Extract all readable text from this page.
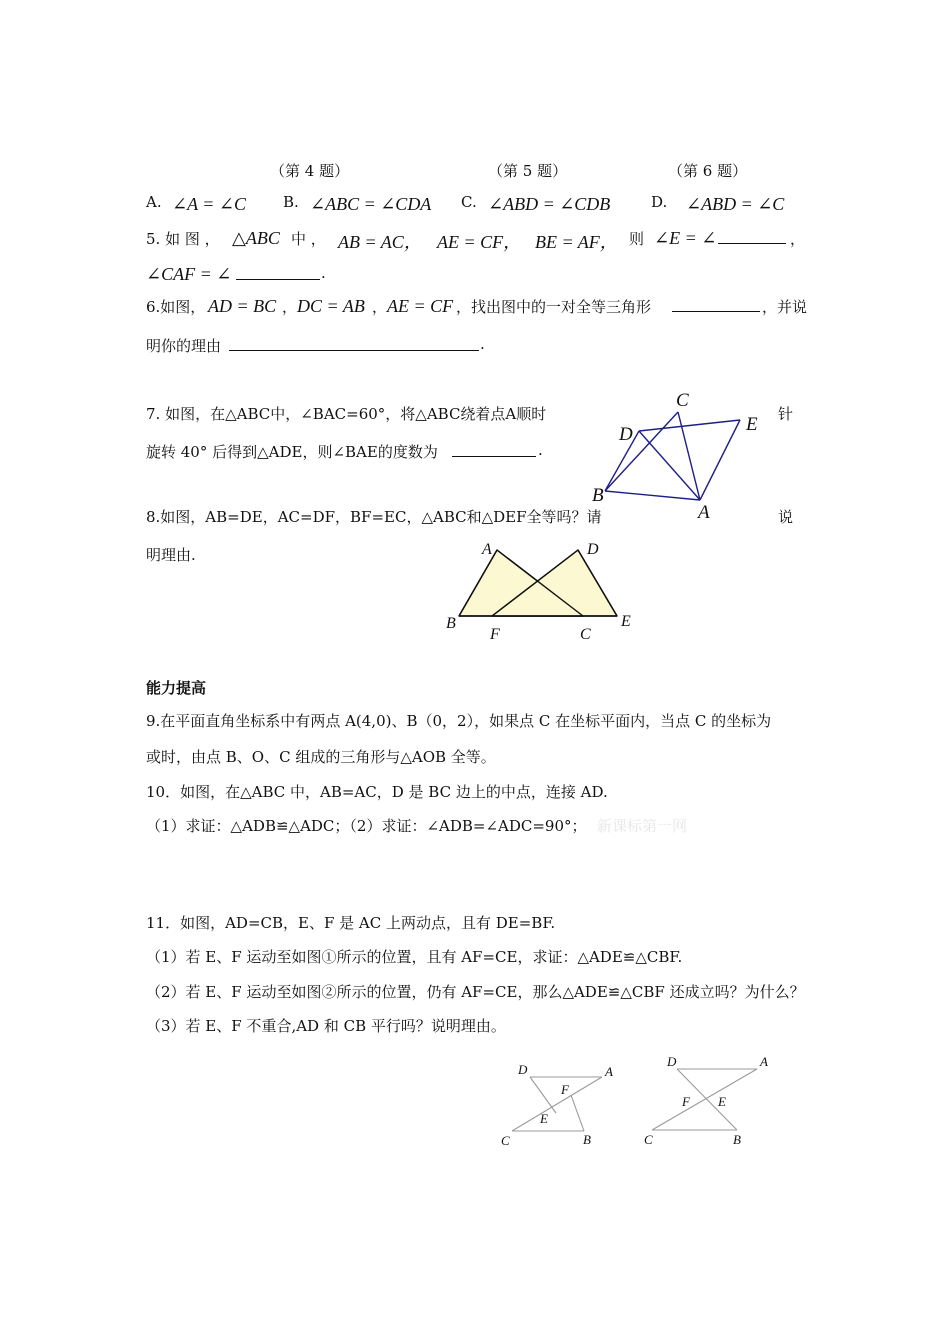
（第 4 题）	（第 5 题）	（第 6 题）
A. ∠A = ∠C B. ∠ABC = ∠CDA C. ∠ABD = ∠CDB	D. ∠ABD = ∠C
5. 如 图 ， △ABC 中 ， AB = AC， AE = CF， BE = AF， 则 ∠E = ∠	，
∠CAF = ∠	.
6.如图， AD = BC ， DC = AB ， AE = CF ，找出图中的一对全等三角形	，并说
明你的理由	.
7. 如图，在△ABC中，∠BAC=60°，将△ABC绕着点A顺时	针
旋转 40° 后得到△ADE，则∠BAE的度数为	.
C
D	E
B
A
8.如图，AB=DE，AC=DF，BF=EC，△ABC和△DEF全等吗？请	说
明理由.	A	D
B
F	C
E
能力提高
9.在平面直角坐标系中有两点 A(4,0)、B（0，2），如果点 C 在坐标平面内，当点 C 的坐标为
或时，由点 B、O、C 组成的三角形与△AOB 全等。
10．如图，在△ABC 中，AB=AC，D 是 BC 边上的中点，连接 AD.
（1）求证：△ADB≌△ADC；（2）求证：∠ADB=∠ADC=90°； 新课标第一网
11．如图，AD=CB，E、F 是 AC 上两动点，且有 DE=BF.
（1）若 E、F 运动至如图①所示的位置，且有 AF=CE，求证：△ADE≌△CBF.
（2）若 E、F 运动至如图②所示的位置，仍有 AF=CE，那么△ADE≌△CBF 还成立吗？为什么？
（3）若 E、F 不重合,AD 和 CB 平行吗？说明理由。
D	A
F
E
C	B
D	A
F E
C	B
